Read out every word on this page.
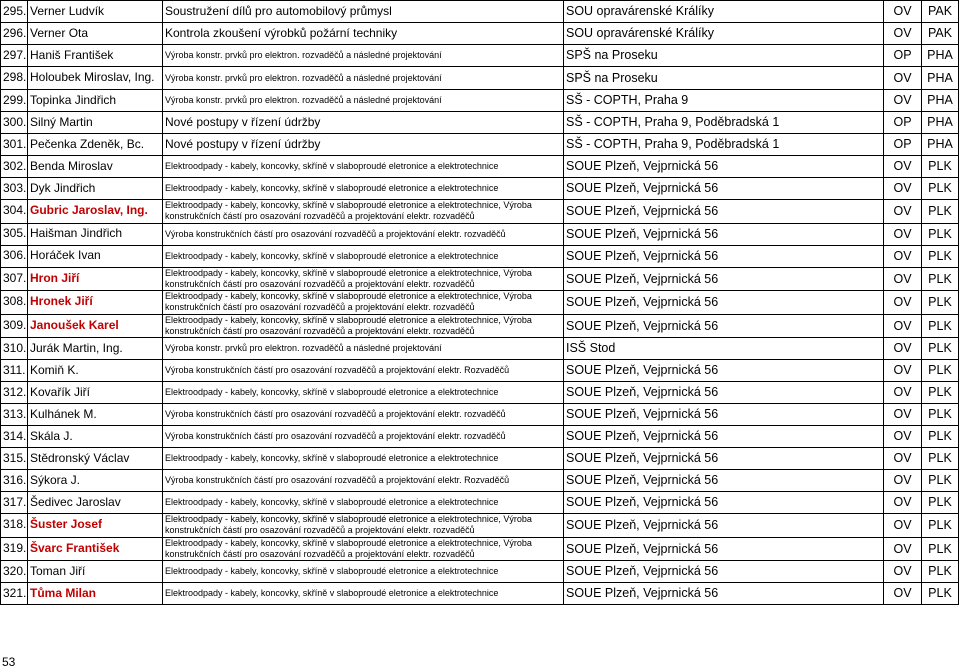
295.	Verner Ludvík	Soustružení dílů pro automobilový průmysl	SOU opravárenské Králíky	OV	PAK
296.	Verner Ota	Kontrola zkoušení výrobků požární techniky	SOU opravárenské Králíky	OV	PAK
297.	Haniš František	Výroba konstr. prvků pro elektron. rozvaděčů a následné projektování	SPŠ na Proseku	OP	PHA
298.	Holoubek Miroslav, Ing.	Výroba konstr. prvků pro elektron. rozvaděčů a následné projektování	SPŠ na Proseku	OV	PHA
299.	Topinka Jindřich	Výroba konstr. prvků pro elektron. rozvaděčů a následné projektování	SŠ - COPTH, Praha 9	OV	PHA
300.	Silný Martin	Nové postupy v řízení údržby	SŠ - COPTH, Praha 9, Poděbradská 1	OP	PHA
301.	Pečenka Zdeněk, Bc.	Nové postupy v řízení údržby	SŠ - COPTH, Praha 9, Poděbradská 1	OP	PHA
302.	Benda Miroslav	Elektroodpady - kabely, koncovky, skříně v slaboproudé eletronice a elektrotechnice	SOUE Plzeň, Vejprnická 56	OV	PLK
303.	Dyk Jindřich	Elektroodpady - kabely, koncovky, skříně v slaboproudé eletronice a elektrotechnice	SOUE Plzeň, Vejprnická 56	OV	PLK
304.	Gubric Jaroslav, Ing.	Elektroodpady - kabely, koncovky, skříně v slaboproudé eletronice a elektrotechnice, Výroba konstrukčních částí pro osazování rozvaděčů a projektování elektr. rozvaděčů	SOUE Plzeň, Vejprnická 56	OV	PLK
305.	Haišman Jindřich	Výroba konstrukčních částí pro osazování rozvaděčů a projektování elektr. rozvaděčů	SOUE Plzeň, Vejprnická 56	OV	PLK
306.	Horáček Ivan	Elektroodpady - kabely, koncovky, skříně v slaboproudé eletronice a elektrotechnice	SOUE Plzeň, Vejprnická 56	OV	PLK
307.	Hron Jiří	Elektroodpady - kabely, koncovky, skříně v slaboproudé eletronice a elektrotechnice, Výroba konstrukčních částí pro osazování rozvaděčů a projektování elektr. rozvaděčů	SOUE Plzeň, Vejprnická 56	OV	PLK
308.	Hronek Jiří	Elektroodpady - kabely, koncovky, skříně v slaboproudé eletronice a elektrotechnice, Výroba konstrukčních částí pro osazování rozvaděčů a projektování elektr. rozvaděčů	SOUE Plzeň, Vejprnická 56	OV	PLK
309.	Janoušek Karel	Elektroodpady - kabely, koncovky, skříně v slaboproudé eletronice a elektrotechnice, Výroba konstrukčních částí pro osazování rozvaděčů a projektování elektr. rozvaděčů	SOUE Plzeň, Vejprnická 56	OV	PLK
310.	Jurák Martin, Ing.	Výroba konstr. prvků pro elektron. rozvaděčů a následné projektování	ISŠ Stod	OV	PLK
311.	Komiň K.	Výroba konstrukčních částí pro osazování rozvaděčů a projektování elektr. Rozvaděčů	SOUE Plzeň, Vejprnická 56	OV	PLK
312.	Kovařík Jiří	Elektroodpady - kabely, koncovky, skříně v slaboproudé eletronice a elektrotechnice	SOUE Plzeň, Vejprnická 56	OV	PLK
313.	Kulhánek M.	Výroba konstrukčních částí pro osazování rozvaděčů a projektování elektr. rozvaděčů	SOUE Plzeň, Vejprnická 56	OV	PLK
314.	Skála J.	Výroba konstrukčních částí pro osazování rozvaděčů a projektování elektr. rozvaděčů	SOUE Plzeň, Vejprnická 56	OV	PLK
315.	Stědronský Václav	Elektroodpady - kabely, koncovky, skříně v slaboproudé eletronice a elektrotechnice	SOUE Plzeň, Vejprnická 56	OV	PLK
316.	Sýkora J.	Výroba konstrukčních částí pro osazování rozvaděčů a projektování elektr. Rozvaděčů	SOUE Plzeň, Vejprnická 56	OV	PLK
317.	Šedivec Jaroslav	Elektroodpady - kabely, koncovky, skříně v slaboproudé eletronice a elektrotechnice	SOUE Plzeň, Vejprnická 56	OV	PLK
318.	Šuster Josef	Elektroodpady - kabely, koncovky, skříně v slaboproudé eletronice a elektrotechnice, Výroba konstrukčních částí pro osazování rozvaděčů a projektování elektr. rozvaděčů	SOUE Plzeň, Vejprnická 56	OV	PLK
319.	Švarc František	Elektroodpady - kabely, koncovky, skříně v slaboproudé eletronice a elektrotechnice, Výroba konstrukčních částí pro osazování rozvaděčů a projektování elektr. rozvaděčů	SOUE Plzeň, Vejprnická 56	OV	PLK
320.	Toman Jiří	Elektroodpady - kabely, koncovky, skříně v slaboproudé eletronice a elektrotechnice	SOUE Plzeň, Vejprnická 56	OV	PLK
321.	Tůma Milan	Elektroodpady - kabely, koncovky, skříně v slaboproudé eletronice a elektrotechnice	SOUE Plzeň, Vejprnická 56	OV	PLK
53
